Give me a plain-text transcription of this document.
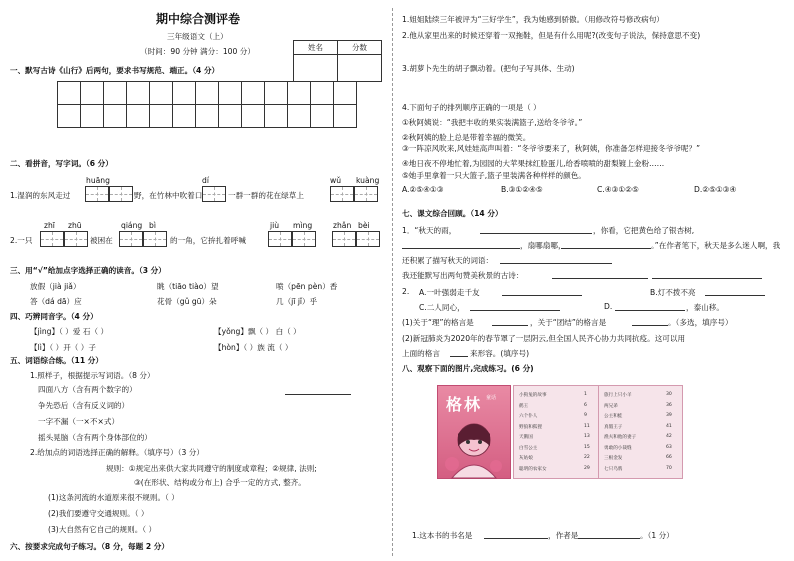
期中综合测评卷
三年级语文（上）
（时间：90 分钟 满分：100 分）	姓名	分数

一、默写古诗《山行》后两句，要求书写规范、端正。（4 分）

二、看拼音，写字词。（6 分）
huāng	dí	wǔ kuàng
1.湿润的东风走过	野，在竹林中吹着口	一群一群的花在绿草上
zhī zhū	qiáng bì	jiù mìng	zhǎn bèi
2.一只	被困在	的一角，它拚扎着呼喊
三、用“√”给加点字选择正确的读音。（3 分）
放假（jià jiǎ）	眺（tiāo tiào）望	喷（pēn pèn）香
答（dá dā）应	花骨（gǔ gū）朵	几（jī jǐ）乎
四、巧辨同音字。（4 分）
【jìng】（ ）爱 石（ ）	【yǒng】飘（ ） 白（ ）
【lì】（ ）开（ ）子	【hòn】（ ）族 流（ ）
五、词语综合练。（11 分）
1.照样子，根据提示写词语。（8 分）
四面八方（含有两个数字的）
争先恐后（含有反义词的）
一字不漏（一×不×式）
摇头晃脑（含有两个身体部位的）
2.给加点的词语选择正确的解释。（填序号）（3 分）
规则：①规定出来供大家共同遵守的制度或章程；②规律, 法则;
③(在形状、结构或分布上) 合乎一定的方式, 整齐。
(1)这条河流的水道原来很不规则。（ ）
(2)我们要遵守交通规则。（ ）
(3)大自然有它自己的规则。（ ）
六、按要求完成句子练习。（8 分，每题 2 分）
1.姐姐陆续三年被评为“三好学生”，我为她感到骄傲。（用修改符号修改病句）
2.他从家里出来的时候还穿着一双拖鞋，但是有什么用呢?(改变句子说法，保持意思不变)
3.胡萝卜先生的胡子飘动着。(把句子写具体、生动)
4.下面句子的排列顺序正确的一项是（ ）
①秋阿姨说：“我把丰收的果实装满篮子,送给冬爷爷。”
②秋阿姨的脸上总是带着幸福的微笑。
③一阵凉风吹来,风娃娃高声叫着：“冬爷爷要来了，秋阿姨，你准备怎样迎接冬爷爷呢？”
④地日夜不停地忙着,为园园的大苹果抹红脸蛋儿,给香喷喷的甜梨镀上金粉……
⑤她手里拿着一只大篮子,篮子里装满各种样样的颜色。
A.②⑤④①③	B.③①②④⑤	C.④③①②⑤	D.②⑤①③④
七、课文综合回顾。（14 分）
1．“秋天的雨，	，你看，它把黄色给了银杏树,
，扇哪扇哪，	。”在作者笔下，秋天是多么迷人啊，我
还积累了描写秋天的词语：
我还能默写出两句赞美秋景的古诗：
2. A.一叶强弱走千友	B.灯不拨不亮
C.二人同心，	D.	，泰山移。
(1)关于“理”的格言是	，关于“团结”的格言是	。（多选，填序号）
(2)新冠肺炎为2020年的春节罩了一层阴云,但全国人民齐心协力共同抗疫。这可以用
上面的格言	来形容。(填序号)
八、观察下面的图片,完成练习。(6 分)
格林 童话	小狗兔的故事	1
鹤王	6
六个仆人	9
野狼和狐狸	11
天鹅国	13
白雪公主	15
灰姑娘	22
聪明的农家女	29
旅行上只小羊	30
两兄弟	36
公主和蛙	39
真假王子	41
渔夫和他的妻子	42
勇敢的小裁缝	63
三根金发	66
七只乌鸦	70
1.这本书的书名是	，作者是	。（1 分）
